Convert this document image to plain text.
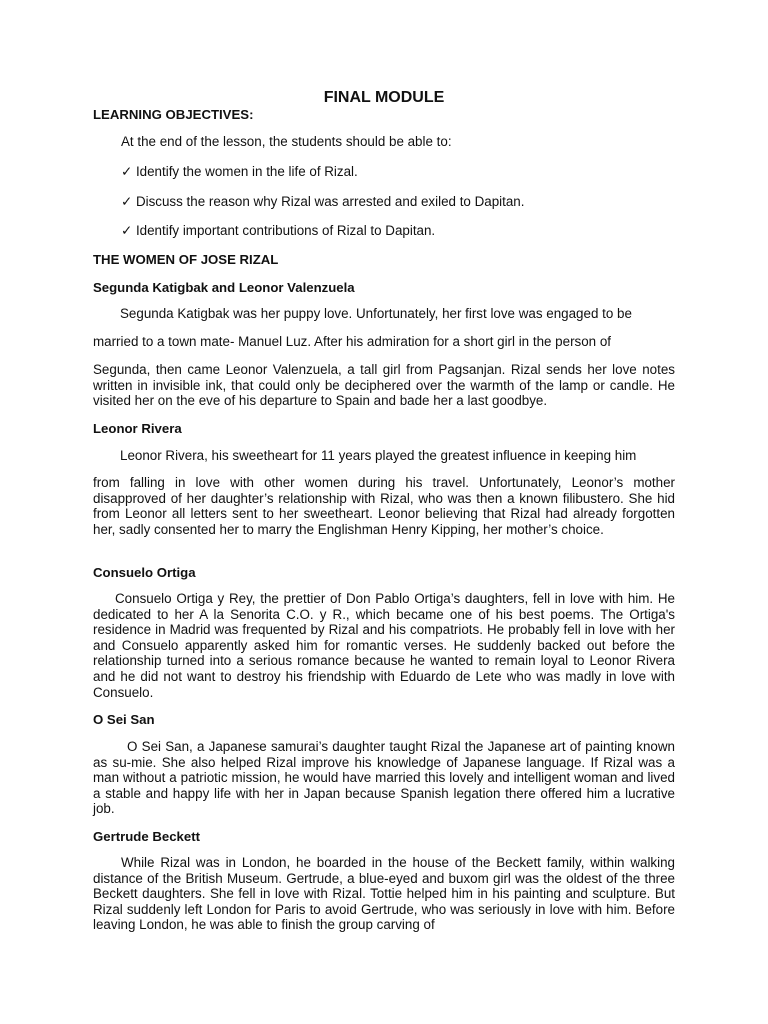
FINAL MODULE
LEARNING OBJECTIVES:
At the end of the lesson, the students should be able to:
✓ Identify the women in the life of Rizal.
✓ Discuss the reason why Rizal was arrested and exiled to Dapitan.
✓ Identify important contributions of Rizal to Dapitan.
THE WOMEN OF JOSE RIZAL
Segunda Katigbak and Leonor Valenzuela
Segunda Katigbak was her puppy love. Unfortunately, her first love was engaged to be
married to a town mate- Manuel Luz. After his admiration for a short girl in the person of

Segunda, then came Leonor Valenzuela, a tall girl from Pagsanjan. Rizal sends her love notes written in invisible ink, that could only be deciphered over the warmth of the lamp or candle. He visited her on the eve of his departure to Spain and bade her a last goodbye.

Leonor Rivera
Leonor Rivera, his sweetheart for 11 years played the greatest influence in keeping him

from falling in love with other women during his travel. Unfortunately, Leonor’s mother disapproved of her daughter’s relationship with Rizal, who was then a known filibustero. She hid from Leonor all letters sent to her sweetheart. Leonor believing that Rizal had already forgotten her, sadly consented her to marry the Englishman Henry Kipping, her mother’s choice.

Consuelo Ortiga

Consuelo Ortiga y Rey, the prettier of Don Pablo Ortiga’s daughters, fell in love with him. He dedicated to her A la Senorita C.O. y R., which became one of his best poems. The Ortiga's residence in Madrid was frequented by Rizal and his compatriots. He probably fell in love with her and Consuelo apparently asked him for romantic verses. He suddenly backed out before the relationship turned into a serious romance because he wanted to remain loyal to Leonor Rivera and he did not want to destroy his friendship with Eduardo de Lete who was madly in love with Consuelo.

O Sei San

O Sei San, a Japanese samurai’s daughter taught Rizal the Japanese art of painting known as su-mie. She also helped Rizal improve his knowledge of Japanese language. If Rizal was a man without a patriotic mission, he would have married this lovely and intelligent woman and lived a stable and happy life with her in Japan because Spanish legation there offered him a lucrative job.

Gertrude Beckett

While Rizal was in London, he boarded in the house of the Beckett family, within walking distance of the British Museum. Gertrude, a blue-eyed and buxom girl was the oldest of the three Beckett daughters. She fell in love with Rizal. Tottie helped him in his painting and sculpture. But Rizal suddenly left London for Paris to avoid Gertrude, who was seriously in love with him. Before leaving London, he was able to finish the group carving of
